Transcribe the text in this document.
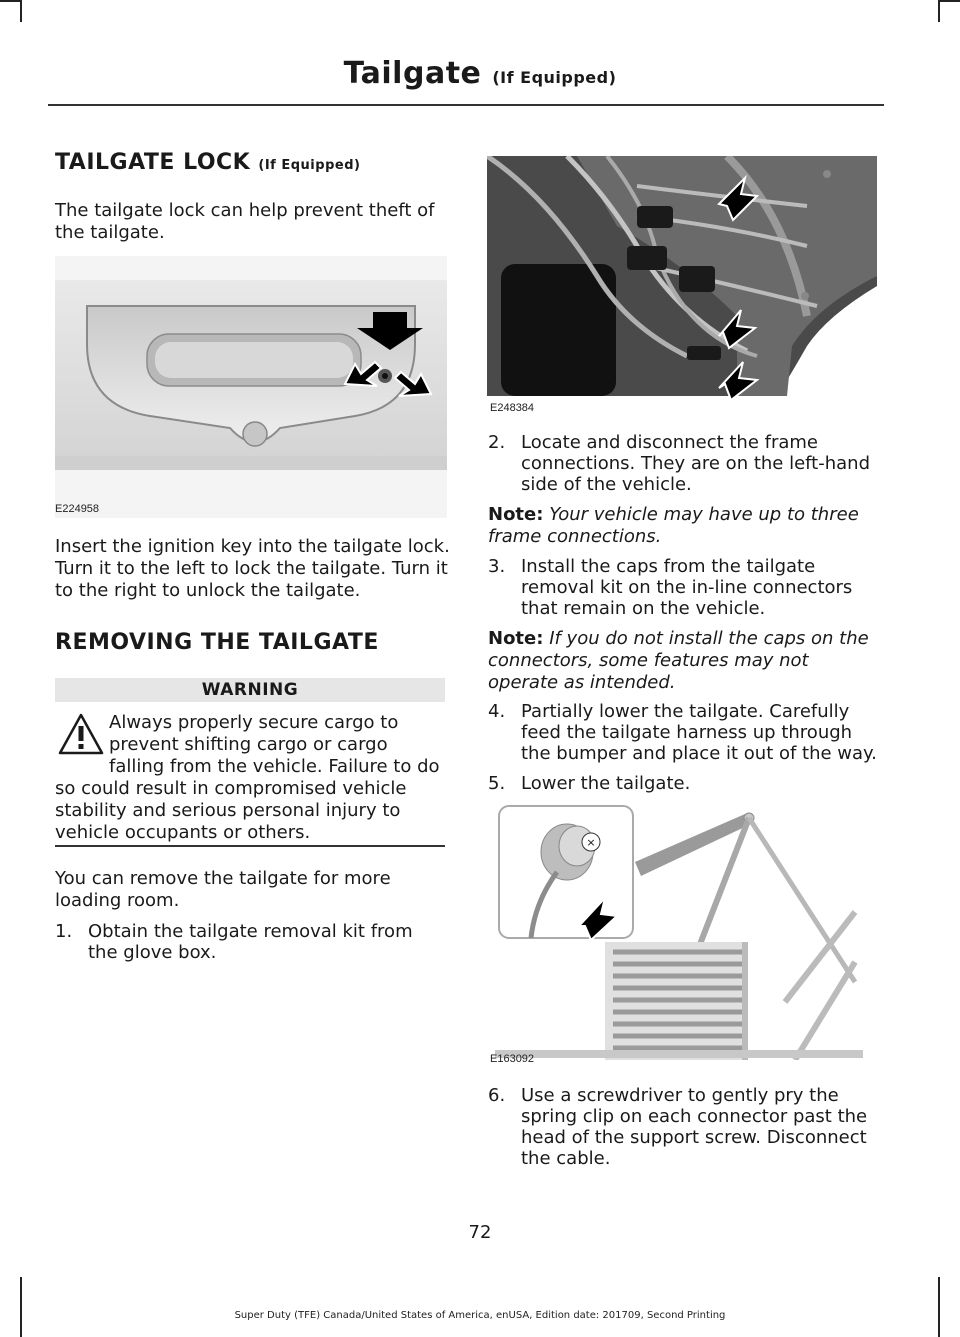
Tailgate (If Equipped)
TAILGATE LOCK (If Equipped)

The tailgate lock can help prevent theft of the tailgate.

E224958

Insert the ignition key into the tailgate lock. Turn it to the left to lock the tailgate. Turn it to the right to unlock the tailgate.

REMOVING THE TAILGATE
WARNING

Always properly secure cargo to prevent shifting cargo or cargo falling from the vehicle. Failure to do so could result in compromised vehicle stability and serious personal injury to vehicle occupants or others.

You can remove the tailgate for more loading room.

1. Obtain the tailgate removal kit from the glove box.
E248384
2. Locate and disconnect the frame connections. They are on the left-hand side of the vehicle.

Note: Your vehicle may have up to three frame connections.

3. Install the caps from the tailgate removal kit on the in-line connectors that remain on the vehicle.

Note: If you do not install the caps on the connectors, some features may not operate as intended.

4. Partially lower the tailgate. Carefully feed the tailgate harness up through the bumper and place it out of the way.
5. Lower the tailgate.
×
E163092
6. Use a screwdriver to gently pry the spring clip on each connector past the head of the support screw. Disconnect the cable.
72
Super Duty (TFE) Canada/United States of America, enUSA, Edition date: 201709, Second Printing
